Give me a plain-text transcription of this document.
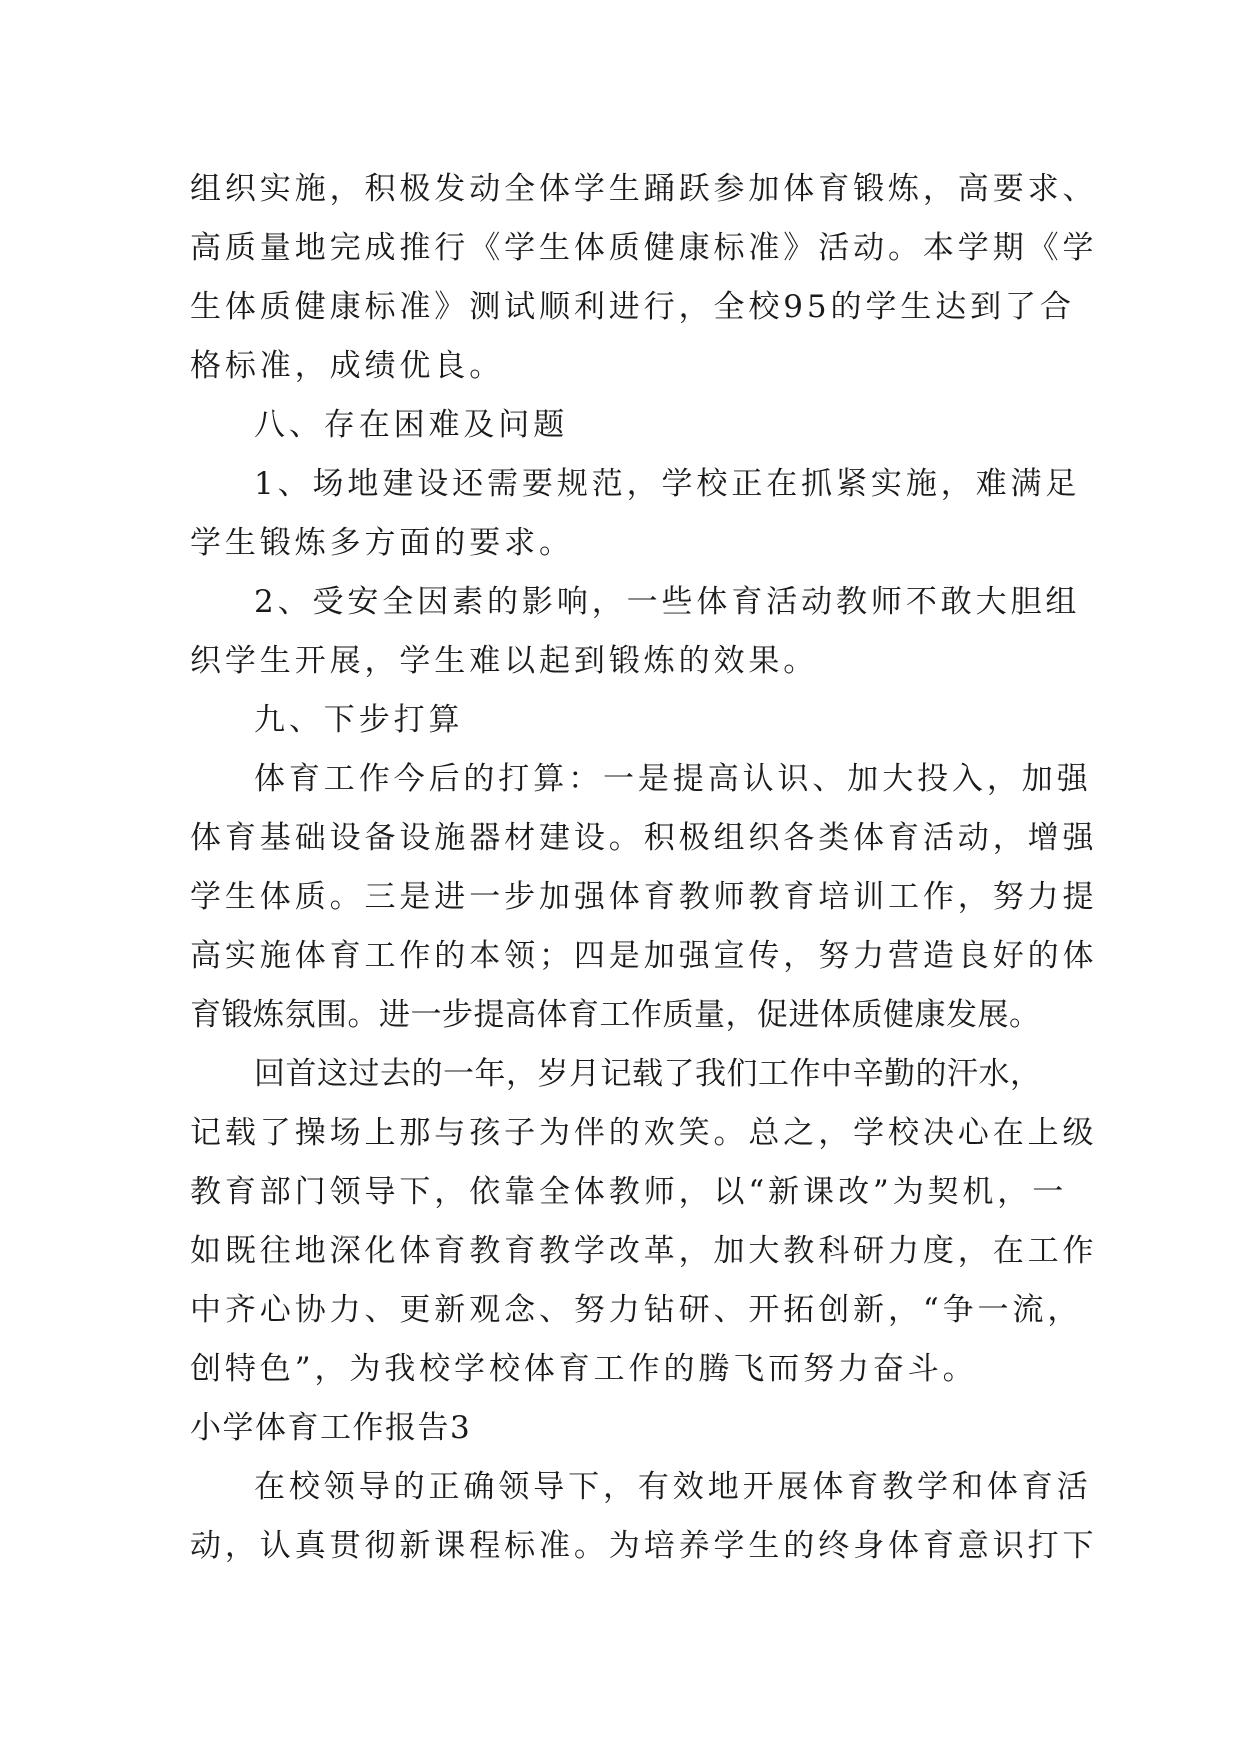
组织实施，积极发动全体学生踊跃参加体育锻炼，高要求、
高质量地完成推行《学生体质健康标准》活动。本学期《学
生体质健康标准》测试顺利进行，全校95的学生达到了合
格标准，成绩优良。
八、存在困难及问题
1、场地建设还需要规范，学校正在抓紧实施，难满足
学生锻炼多方面的要求。
2、受安全因素的影响，一些体育活动教师不敢大胆组
织学生开展，学生难以起到锻炼的效果。
九、下步打算
体育工作今后的打算：一是提高认识、加大投入，加强
体育基础设备设施器材建设。积极组织各类体育活动，增强
学生体质。三是进一步加强体育教师教育培训工作，努力提
高实施体育工作的本领；四是加强宣传，努力营造良好的体
育锻炼氛围。进一步提高体育工作质量，促进体质健康发展。
回首这过去的一年，岁月记载了我们工作中辛勤的汗水，
记载了操场上那与孩子为伴的欢笑。总之，学校决心在上级
教育部门领导下，依靠全体教师，以“新课改”为契机，一
如既往地深化体育教育教学改革，加大教科研力度，在工作
中齐心协力、更新观念、努力钻研、开拓创新，“争一流，
创特色”，为我校学校体育工作的腾飞而努力奋斗。
小学体育工作报告3
在校领导的正确领导下，有效地开展体育教学和体育活
动，认真贯彻新课程标准。为培养学生的终身体育意识打下
